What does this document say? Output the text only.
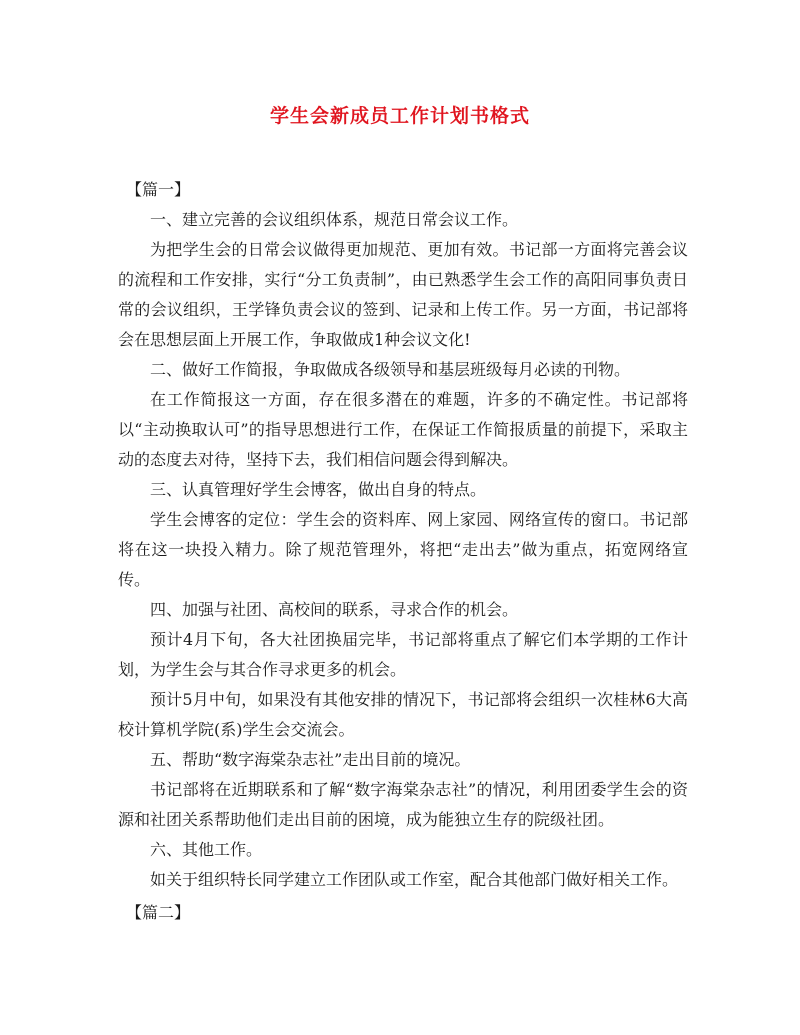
学生会新成员工作计划书格式

【篇一】

一、建立完善的会议组织体系，规范日常会议工作。

为把学生会的日常会议做得更加规范、更加有效。书记部一方面将完善会议的流程和工作安排，实行“分工负责制”，由已熟悉学生会工作的高阳同事负责日常的会议组织，王学锋负责会议的签到、记录和上传工作。另一方面，书记部将会在思想层面上开展工作，争取做成1种会议文化!

二、做好工作简报，争取做成各级领导和基层班级每月必读的刊物。

在工作简报这一方面，存在很多潜在的难题，许多的不确定性。书记部将以“主动换取认可”的指导思想进行工作，在保证工作简报质量的前提下，采取主动的态度去对待，坚持下去，我们相信问题会得到解决。

三、认真管理好学生会博客，做出自身的特点。

学生会博客的定位：学生会的资料库、网上家园、网络宣传的窗口。书记部将在这一块投入精力。除了规范管理外，将把“走出去”做为重点，拓宽网络宣传。

四、加强与社团、高校间的联系，寻求合作的机会。

预计4月下旬，各大社团换届完毕，书记部将重点了解它们本学期的工作计划，为学生会与其合作寻求更多的机会。

预计5月中旬，如果没有其他安排的情况下，书记部将会组织一次桂林6大高校计算机学院(系)学生会交流会。

五、帮助“数字海棠杂志社”走出目前的境况。

书记部将在近期联系和了解“数字海棠杂志社”的情况，利用团委学生会的资源和社团关系帮助他们走出目前的困境，成为能独立生存的院级社团。

六、其他工作。

如关于组织特长同学建立工作团队或工作室，配合其他部门做好相关工作。

【篇二】
